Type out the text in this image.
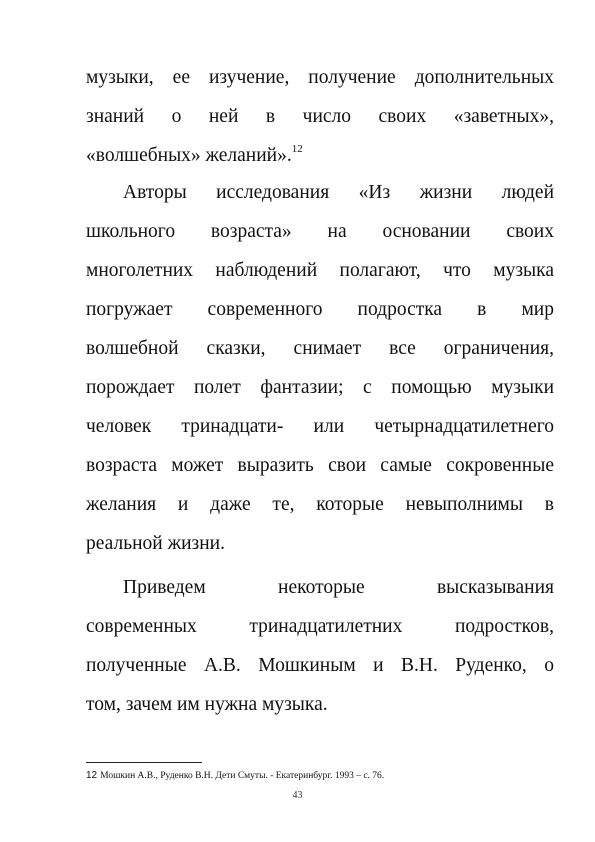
музыки, ее изучение, получение дополнительных
знаний о ней в число своих «заветных»,
«волшебных» желаний».$^{12}$
Авторы исследования «Из жизни людей
школьного возраста» на основании своих
многолетних наблюдений полагают, что музыка
погружает современного подростка в мир
волшебной сказки, снимает все ограничения,
порождает полет фантазии; с помощью музыки
человек тринадцати- или четырнадцатилетнего
возраста может выразить свои самые сокровенные
желания и даже те, которые невыполнимы в
реальной жизни.
Приведем некоторые высказывания
современных тринадцатилетних подростков,
полученные А.В. Мошкиным и В.Н. Руденко, о
том, зачем им нужна музыка.
12 Мошкин А.В., Руденко В.Н. Дети Смуты. - Екатеринбург. 1993 – с. 76.
43
